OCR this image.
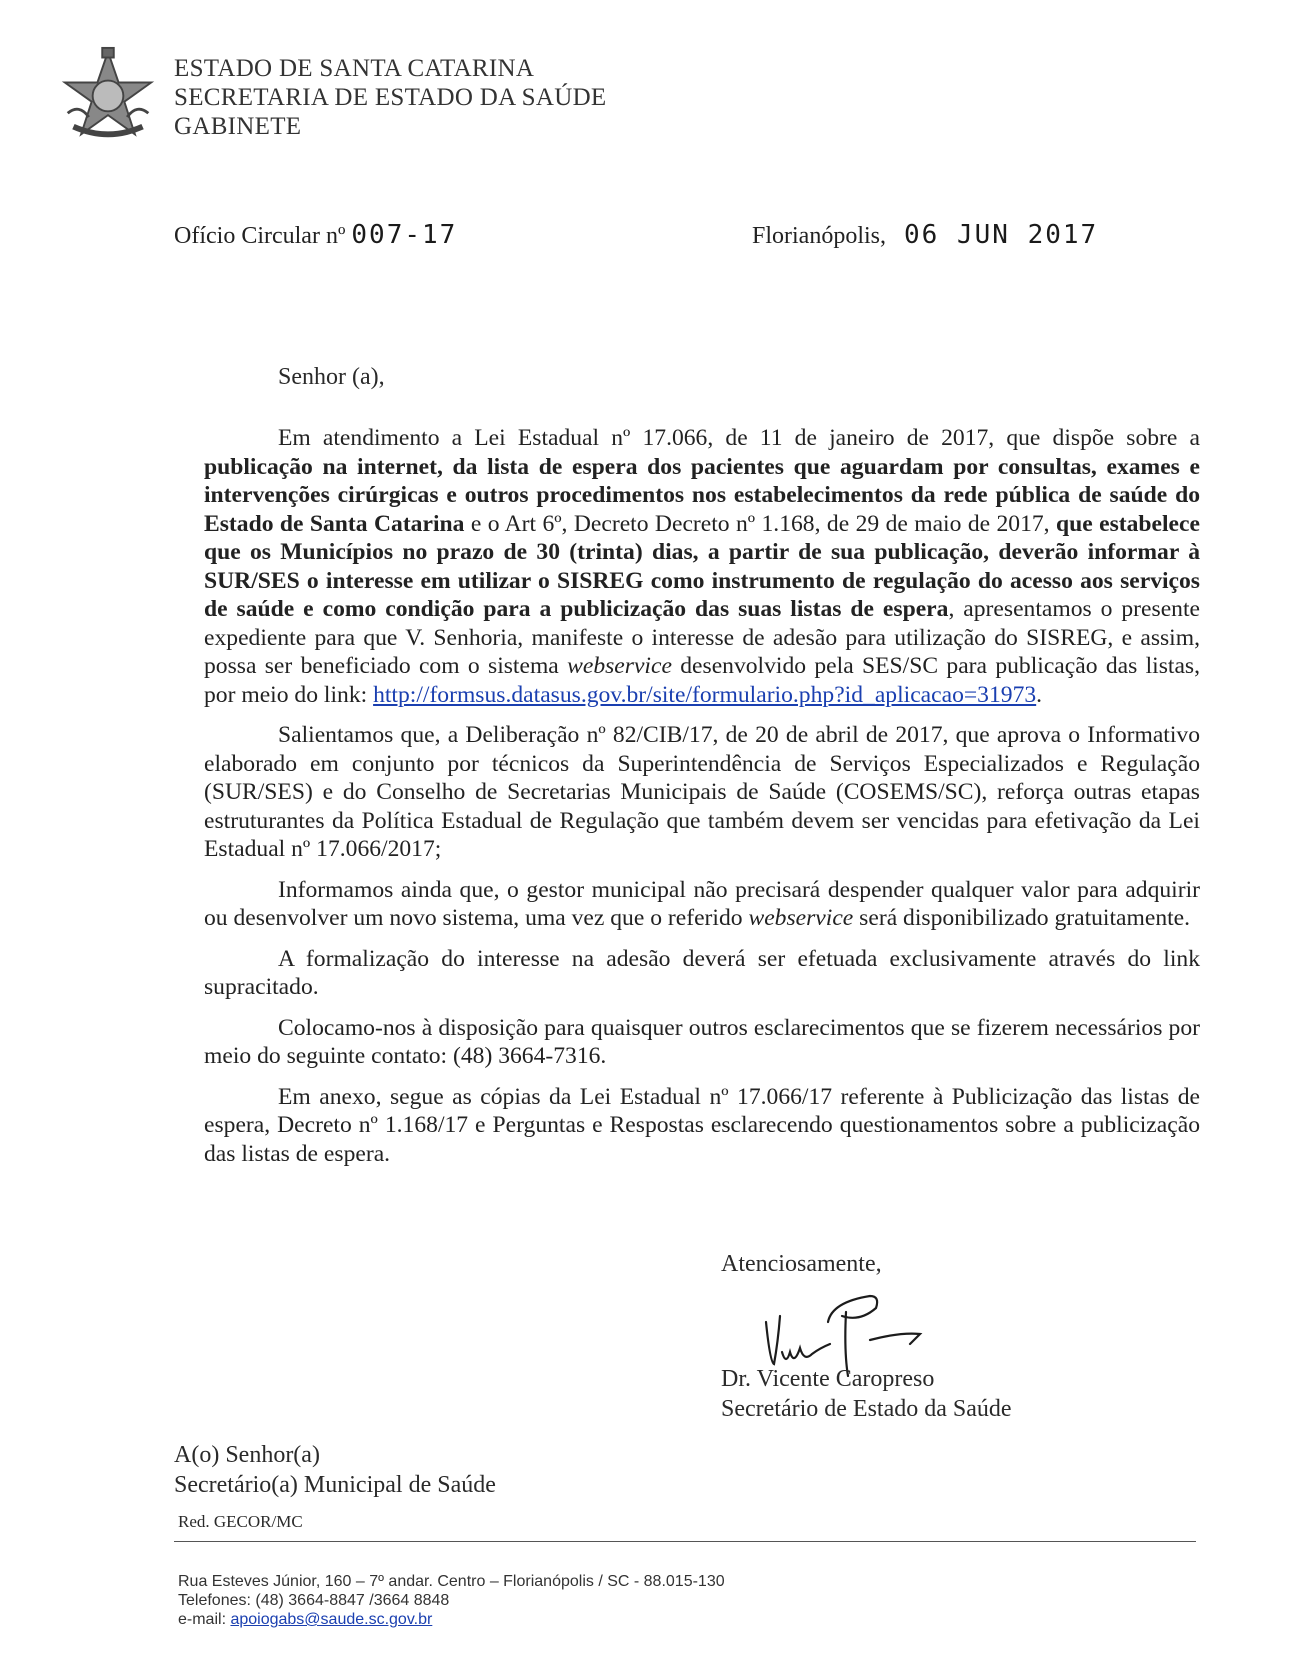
ESTADO DE SANTA CATARINA
SECRETARIA DE ESTADO DA SAÚDE
GABINETE
Ofício Circular nº 007-17	Florianópolis, 06 JUN 2017
Senhor (a),

Em atendimento a Lei Estadual nº 17.066, de 11 de janeiro de 2017, que dispõe sobre a publicação na internet, da lista de espera dos pacientes que aguardam por consultas, exames e intervenções cirúrgicas e outros procedimentos nos estabelecimentos da rede pública de saúde do Estado de Santa Catarina e o Art 6º, Decreto Decreto nº 1.168, de 29 de maio de 2017, que estabelece que os Municípios no prazo de 30 (trinta) dias, a partir de sua publicação, deverão informar à SUR/SES o interesse em utilizar o SISREG como instrumento de regulação do acesso aos serviços de saúde e como condição para a publicização das suas listas de espera, apresentamos o presente expediente para que V. Senhoria, manifeste o interesse de adesão para utilização do SISREG, e assim, possa ser beneficiado com o sistema webservice desenvolvido pela SES/SC para publicação das listas, por meio do link: http://formsus.datasus.gov.br/site/formulario.php?id_aplicacao=31973.

Salientamos que, a Deliberação nº 82/CIB/17, de 20 de abril de 2017, que aprova o Informativo elaborado em conjunto por técnicos da Superintendência de Serviços Especializados e Regulação (SUR/SES) e do Conselho de Secretarias Municipais de Saúde (COSEMS/SC), reforça outras etapas estruturantes da Política Estadual de Regulação que também devem ser vencidas para efetivação da Lei Estadual nº 17.066/2017;

Informamos ainda que, o gestor municipal não precisará despender qualquer valor para adquirir ou desenvolver um novo sistema, uma vez que o referido webservice será disponibilizado gratuitamente.

A formalização do interesse na adesão deverá ser efetuada exclusivamente através do link supracitado.

Colocamo-nos à disposição para quaisquer outros esclarecimentos que se fizerem necessários por meio do seguinte contato: (48) 3664-7316.

Em anexo, segue as cópias da Lei Estadual nº 17.066/17 referente à Publicização das listas de espera, Decreto nº 1.168/17 e Perguntas e Respostas esclarecendo questionamentos sobre a publicização das listas de espera.

Atenciosamente,
Dr. Vicente Caropreso
Secretário de Estado da Saúde
A(o) Senhor(a)
Secretário(a) Municipal de Saúde
Red. GECOR/MC
Rua Esteves Júnior, 160 – 7º andar. Centro – Florianópolis / SC - 88.015-130
Telefones: (48) 3664-8847 /3664 8848
e-mail: apoiogabs@saude.sc.gov.br
